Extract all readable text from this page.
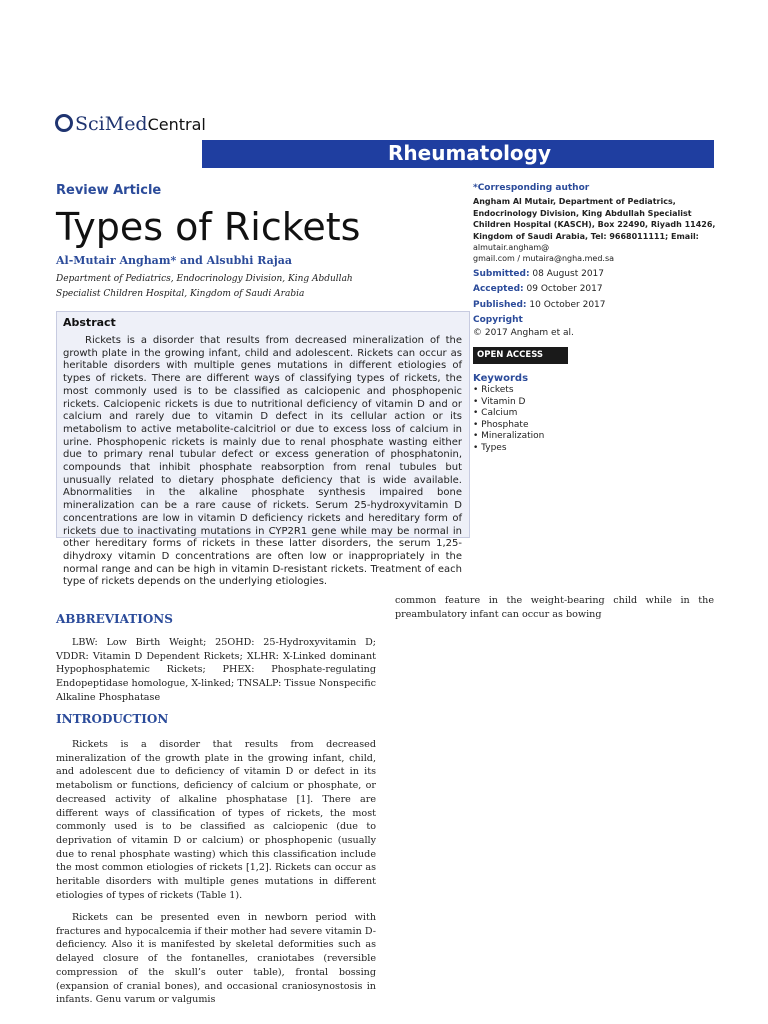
SciMedCentral
Rheumatology
Review Article
Types of Rickets
Al-Mutair Angham* and Alsubhi Rajaa
Department of Pediatrics, Endocrinology Division, King Abdullah Specialist Children Hospital, Kingdom of Saudi Arabia
Abstract
Rickets is a disorder that results from decreased mineralization of the growth plate in the growing infant, child and adolescent. Rickets can occur as heritable disorders with multiple genes mutations in different etiologies of types of rickets. There are different ways of classifying types of rickets, the most commonly used is to be classified as calciopenic and phosphopenic rickets. Calciopenic rickets is due to nutritional deficiency of vitamin D and or calcium and rarely due to vitamin D defect in its cellular action or its metabolism to active metabolite-calcitriol or due to excess loss of calcium in urine. Phosphopenic rickets is mainly due to renal phosphate wasting either due to primary renal tubular defect or excess generation of phosphatonin, compounds that inhibit phosphate reabsorption from renal tubules but unusually related to dietary phosphate deficiency that is wide available. Abnormalities in the alkaline phosphate synthesis impaired bone mineralization can be a rare cause of rickets. Serum 25-hydroxyvitamin D concentrations are low in vitamin D deficiency rickets and hereditary form of rickets due to inactivating mutations in CYP2R1 gene while may be normal in other hereditary forms of rickets in these latter disorders, the serum 1,25-dihydroxy vitamin D concentrations are often low or inappropriately in the normal range and can be high in vitamin D-resistant rickets. Treatment of each type of rickets depends on the underlying etiologies.
ABBREVIATIONS
LBW: Low Birth Weight; 25OHD: 25-Hydroxyvitamin D; VDDR: Vitamin D Dependent Rickets; XLHR: X-Linked dominant Hypophosphatemic Rickets; PHEX: Phosphate-regulating Endopeptidase homologue, X-linked; TNSALP: Tissue Nonspecific Alkaline Phosphatase
INTRODUCTION
Rickets is a disorder that results from decreased mineralization of the growth plate in the growing infant, child, and adolescent due to deficiency of vitamin D or defect in its metabolism or functions, deficiency of calcium or phosphate, or decreased activity of alkaline phosphatase [1]. There are different ways of classification of types of rickets, the most commonly used is to be classified as calciopenic (due to deprivation of vitamin D or calcium) or phosphopenic (usually due to renal phosphate wasting) which this classification include the most common etiologies of rickets [1,2]. Rickets can occur as heritable disorders with multiple genes mutations in different etiologies of types of rickets (Table 1).
Rickets can be presented even in newborn period with fractures and hypocalcemia if their mother had severe vitamin D-deficiency. Also it is manifested by skeletal deformities such as delayed closure of the fontanelles, craniotabes (reversible compression of the skull’s outer table), frontal bossing (expansion of cranial bones), and occasional craniosynostosis in infants. Genu varum or valgumis
common feature in the weight-bearing child while in the preambulatory infant can occur as bowing
*Corresponding author
Angham Al Mutair, Department of Pediatrics, Endocrinology Division, King Abdullah Specialist Children Hospital (KASCH), Box 22490, Riyadh 11426, Kingdom of Saudi Arabia, Tel: 9668011111; Email:
almutair.angham@
gmail.com / mutaira@ngha.med.sa
Submitted: 08 August 2017
Accepted: 09 October 2017
Published: 10 October 2017
Copyright
© 2017 Angham et al.
OPEN ACCESS
Keywords
• Rickets
• Vitamin D
• Calcium
• Phosphate
• Mineralization
• Types
